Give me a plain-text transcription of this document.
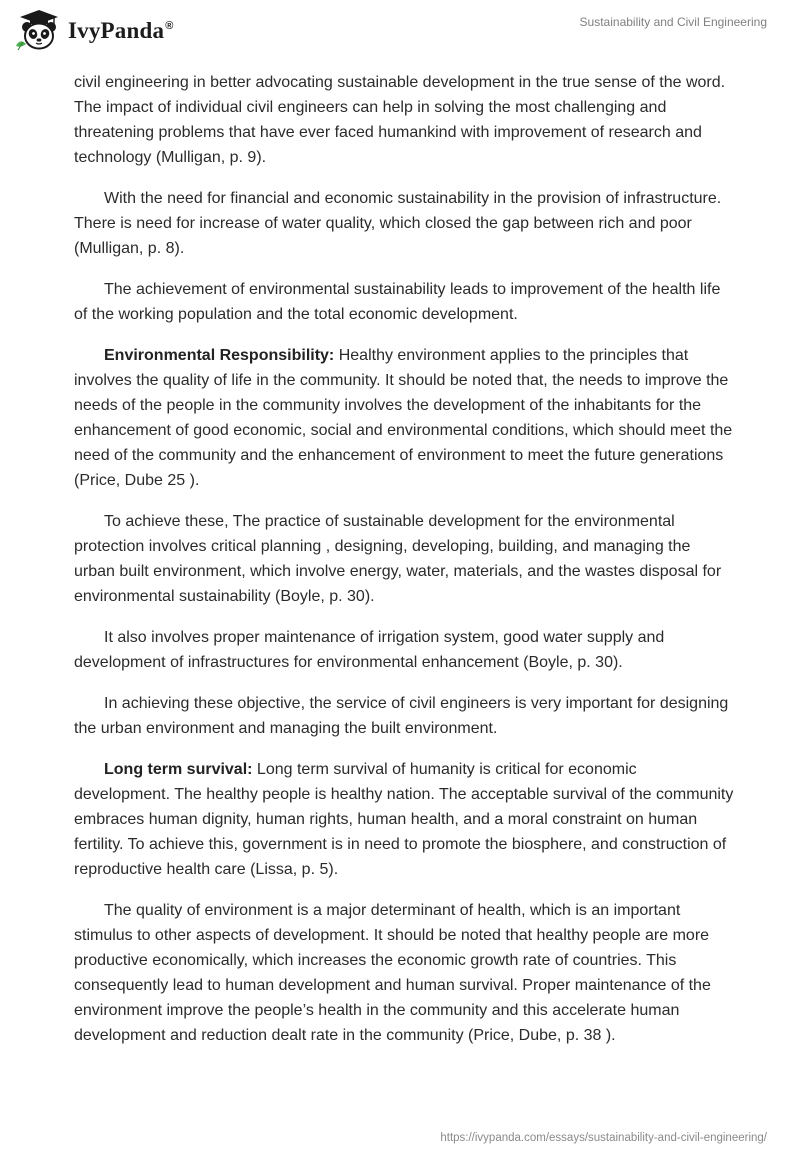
IvyPanda®	Sustainability and Civil Engineering

civil engineering in better advocating sustainable development in the true sense of the word. The impact of individual civil engineers can help in solving the most challenging and threatening problems that have ever faced humankind with improvement of research and technology (Mulligan, p. 9).

With the need for financial and economic sustainability in the provision of infrastructure. There is need for increase of water quality, which closed the gap between rich and poor (Mulligan, p. 8).

The achievement of environmental sustainability leads to improvement of the health life of the working population and the total economic development.

Environmental Responsibility: Healthy environment applies to the principles that involves the quality of life in the community. It should be noted that, the needs to improve the needs of the people in the community involves the development of the inhabitants for the enhancement of good economic, social and environmental conditions, which should meet the need of the community and the enhancement of environment to meet the future generations (Price, Dube 25 ).

To achieve these, The practice of sustainable development for the environmental protection involves critical planning , designing, developing, building, and managing the urban built environment, which involve energy, water, materials, and the wastes disposal for environmental sustainability (Boyle, p. 30).

It also involves proper maintenance of irrigation system, good water supply and development of infrastructures for environmental enhancement (Boyle, p. 30).

In achieving these objective, the service of civil engineers is very important for designing the urban environment and managing the built environment.

Long term survival: Long term survival of humanity is critical for economic development. The healthy people is healthy nation. The acceptable survival of the community embraces human dignity, human rights, human health, and a moral constraint on human fertility. To achieve this, government is in need to promote the biosphere, and construction of reproductive health care (Lissa, p. 5).

The quality of environment is a major determinant of health, which is an important stimulus to other aspects of development. It should be noted that healthy people are more productive economically, which increases the economic growth rate of countries. This consequently lead to human development and human survival. Proper maintenance of the environment improve the people’s health in the community and this accelerate human development and reduction dealt rate in the community (Price, Dube, p. 38 ).

https://ivypanda.com/essays/sustainability-and-civil-engineering/
